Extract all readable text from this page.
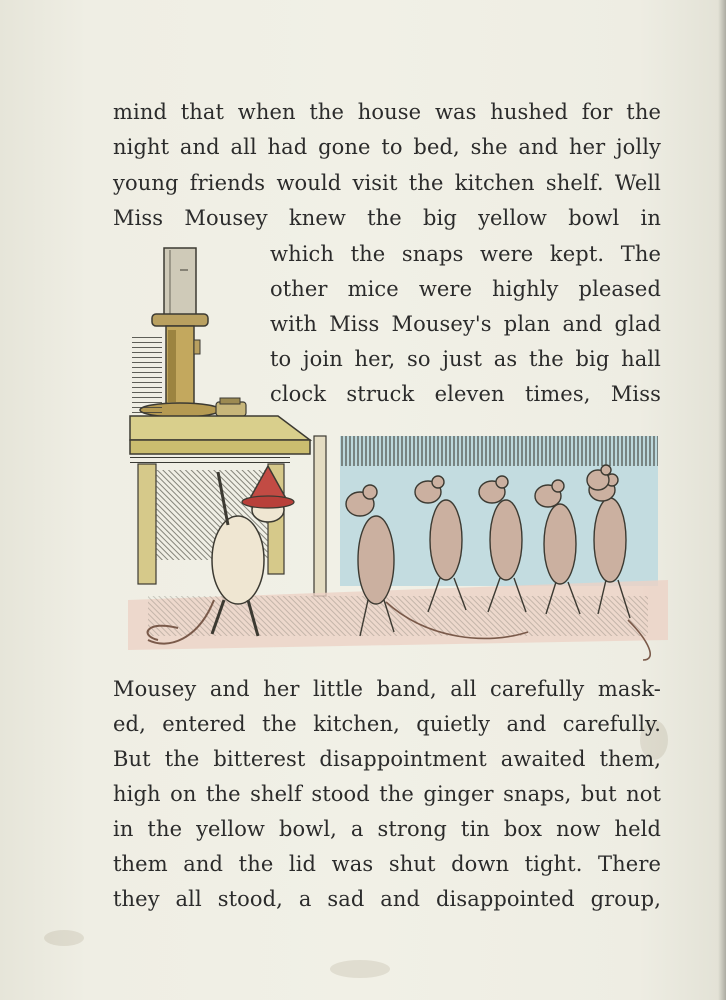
mind that when the house was hushed for the
night and all had gone to bed, she and her jolly
young friends would visit the kitchen shelf. Well
Miss Mousey knew the big yellow bowl in
which the snaps were kept. The
other mice were highly pleased
with Miss Mousey's plan and glad
to join her, so just as the big hall
clock struck eleven times, Miss
Mousey and her little band, all carefully mask-
ed, entered the kitchen, quietly and carefully.
But the bitterest disappointment awaited them,
high on the shelf stood the ginger snaps, but not
in the yellow bowl, a strong tin box now held
them and the lid was shut down tight. There
they all stood, a sad and disappointed group,
